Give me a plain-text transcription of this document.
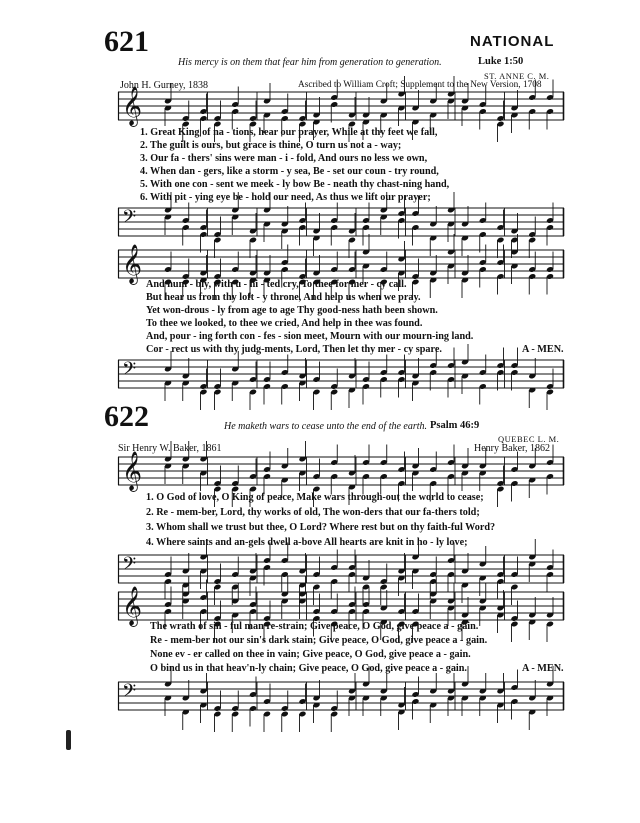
621	NATIONAL
His mercy is on them that fear him from generation to generation.	Luke 1:50
ST. ANNE C. M.
John H. Gurney, 1838	Ascribed to William Croft; Supplement to the New Version, 1708
𝄞
1. Great King of na - tions, hear our prayer, While at thy feet we fall,
2. The guilt is ours, but grace is thine, O turn us not a - way;
3. Our fa - thers' sins were man - i - fold, And ours no less we own,
4. When dan - gers, like a storm - y sea, Be - set our coun - try round,
5. With one con - sent we meek - ly bow Be - neath thy chast-ning hand,
6. With pit - ying eye be - hold our need, As thus we lift our prayer;
𝄢
𝄞
And hum - bly, with u - ni - ted cry, To thee for mer - cy call.
But hear us from thy loft - y throne, And help us when we pray.
Yet won-drous - ly from age to age Thy good-ness hath been shown.
To thee we looked, to thee we cried, And help in thee was found.
And, pour - ing forth con - fes - sion meet, Mourn with our mourn-ing land.
Cor - rect us with thy judg-ments, Lord, Then let thy mer - cy spare.	A - MEN.
𝄢
622	He maketh wars to cease unto the end of the earth. Psalm 46:9
QUEBEC L. M.
Sir Henry W. Baker, 1861	Henry Baker, 1862
𝄞
1. O God of love, O King of peace, Make wars through-out the world to cease;
2. Re - mem-ber, Lord, thy works of old, The won-ders that our fa-thers told;
3. Whom shall we trust but thee, O Lord? Where rest but on thy faith-ful Word?
4. Where saints and an-gels dwell a-bove All hearts are knit in ho - ly love;
𝄢
𝄞
The wrath of sin - ful man re-strain; Give peace, O God, give peace a - gain.
Re - mem-ber not our sin's dark stain; Give peace, O God, give peace a - gain.
None ev - er called on thee in vain; Give peace, O God, give peace a - gain.
O bind us in that heav'n-ly chain; Give peace, O God, give peace a - gain.	A - MEN.
𝄢
